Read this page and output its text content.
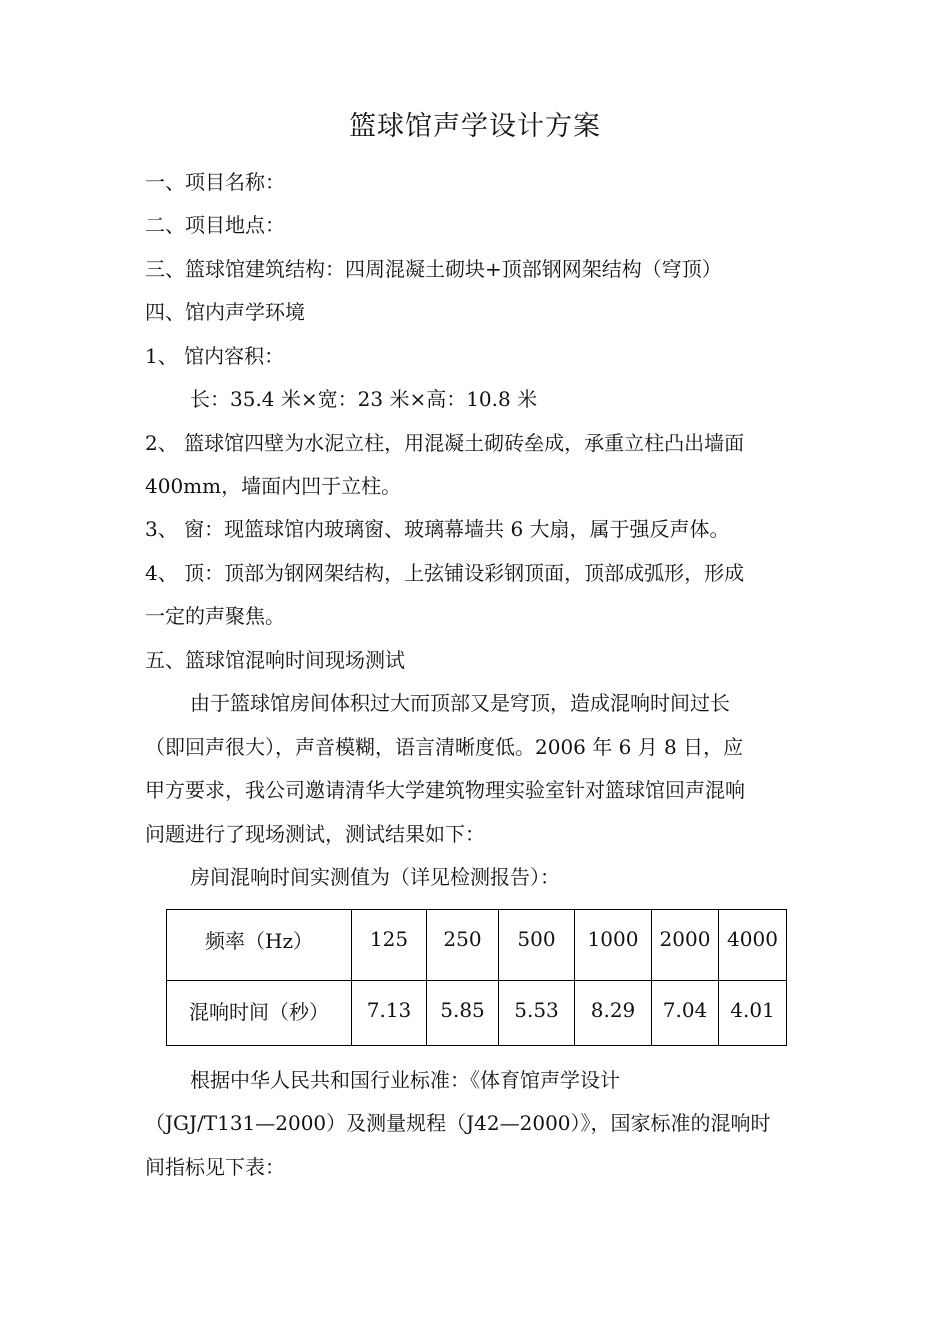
篮球馆声学设计方案
一、项目名称：
二、项目地点：
三、篮球馆建筑结构：四周混凝土砌块+顶部钢网架结构（穹顶）
四、馆内声学环境
1、 馆内容积：
长：35.4 米×宽：23 米×高：10.8 米
2、 篮球馆四壁为水泥立柱，用混凝土砌砖垒成，承重立柱凸出墙面
400mm，墙面内凹于立柱。
3、 窗：现篮球馆内玻璃窗、玻璃幕墙共 6 大扇，属于强反声体。
4、 顶：顶部为钢网架结构，上弦铺设彩钢顶面，顶部成弧形，形成
一定的声聚焦。
五、篮球馆混响时间现场测试
由于篮球馆房间体积过大而顶部又是穹顶，造成混响时间过长
（即回声很大），声音模糊，语言清晰度低。2006 年 6 月 8 日，应
甲方要求，我公司邀请清华大学建筑物理实验室针对篮球馆回声混响
问题进行了现场测试，测试结果如下：
房间混响时间实测值为（详见检测报告）：
频率（Hz）	125	250	500	1000	2000	4000
混响时间（秒）	7.13	5.85	5.53	8.29	7.04	4.01
根据中华人民共和国行业标准：《体育馆声学设计
（JGJ/T131—2000）及测量规程（J42—2000）》，国家标准的混响时
间指标见下表：
